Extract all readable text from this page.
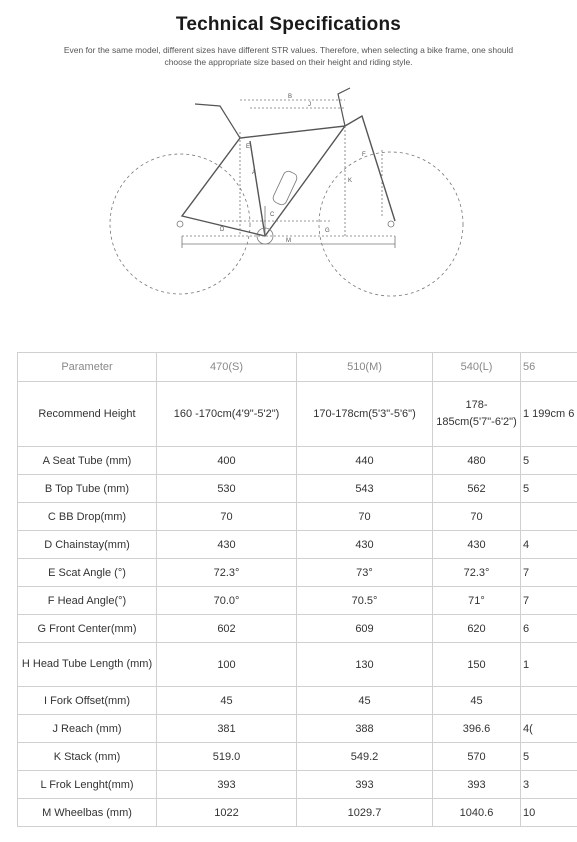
Technical Specifications
Even for the same model, different sizes have different STR values. Therefore, when selecting a bike frame, one should choose the appropriate size based on their height and riding style.
B
J
A
E
F
K
C
D	G
M
Parameter	470(S)	510(M)	540(L)	56
Recommend Height	160 -170cm(4'9"-5'2")	170-178cm(5'3"-5'6")	178-185cm(5'7"-6'2")	1 199cm 6
A Seat Tube (mm)	400	440	480	5
B Top Tube (mm)	530	543	562	5
C BB Drop(mm)	70	70	70	
D Chainstay(mm)	430	430	430	4
E Scat Angle (°)	72.3°	73°	72.3°	7
F Head Angle(°)	70.0°	70.5°	71°	7
G Front Center(mm)	602	609	620	6
H Head Tube Length (mm)	100	130	150	1
I Fork Offset(mm)	45	45	45	
J Reach (mm)	381	388	396.6	4(
K Stack (mm)	519.0	549.2	570	5
L Frok Lenght(mm)	393	393	393	3
M Wheelbas (mm)	1022	1029.7	1040.6	10
